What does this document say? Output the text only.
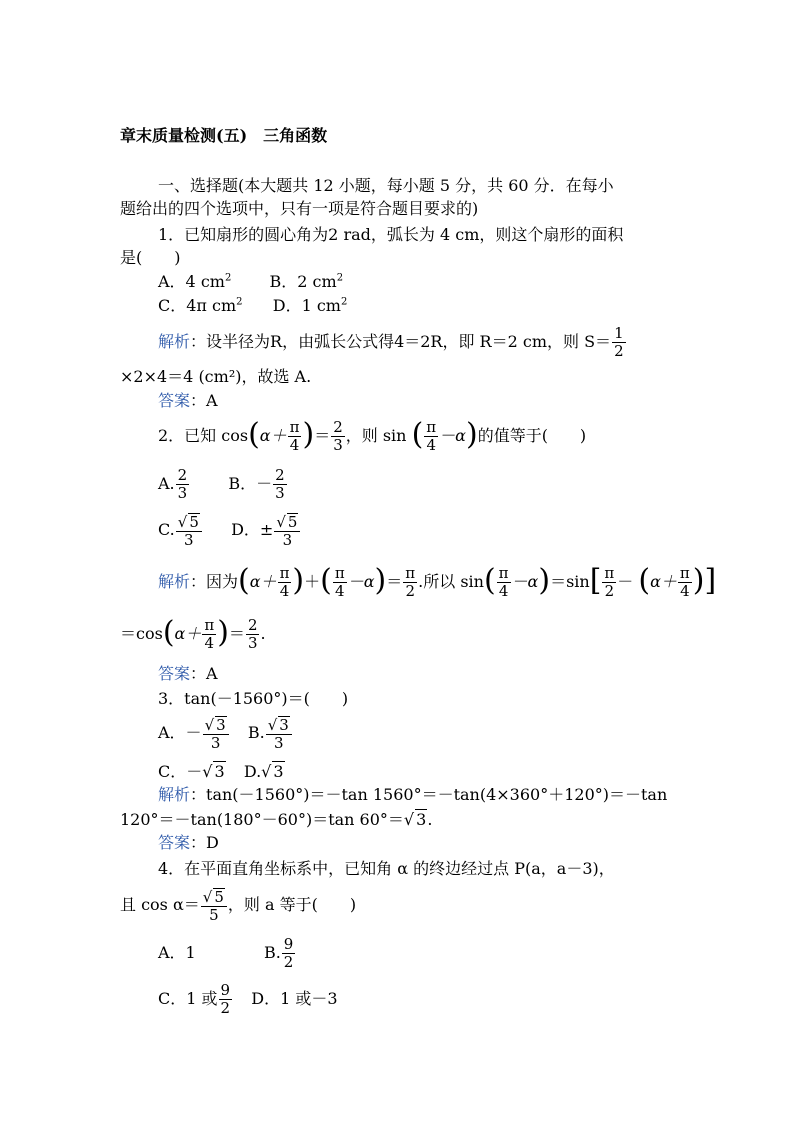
章末质量检测(五)　三角函数
一、选择题(本大题共 12 小题，每小题 5 分，共 60 分．在每小
题给出的四个选项中，只有一项是符合题目要求的)
1．已知扇形的圆心角为2 rad，弧长为 4 cm，则这个扇形的面积
是(　　)
A．4 $cm^2$ B．2 $cm^2$
C．4π $cm^2$ D．1 $cm^2$
解析：设半径为R，由弧长公式得4＝2R，即 R＝2 cm，则 $S= \frac{1}{2}$
×2×4＝4 (cm²)，故选 A.
答案：A
2．已知 $\cos(\alpha+ \frac{\pi}{4}$ )＝ $\frac{2}{3}$ ，则 sin ( $\frac{\pi}{4} -\alpha$)的值等于(　　)
A. $\frac{2}{3}$ B．－ $\frac{2}{3}$
C. $\frac{√ 5}{3}$ D．± $\frac{√ 5}{3}$
解析：因为($\alpha+ \frac{\pi}{4}$ )＋( $\frac{\pi}{4} -\alpha)= \frac{\pi}{2}$ .所以 $\sin( \frac{\pi}{4} -\alpha)=\sin[ \frac{\pi}{2} - (\alpha+ \frac{\pi}{4}$ )]
$=\cos(\alpha+ \frac{\pi}{4}$ )＝ $\frac{2}{3}$ .
答案：A
3．tan(－1560°)＝(　　)
A．－ $\frac{√ 3}{3} B$. $\frac{√ 3}{3}$
C．－√ 3 D.√ 3
解析：tan(－1560°)＝－tan 1560°＝－tan(4×360°＋120°)＝－tan
120°＝－tan(180°－60°)＝tan 60°＝√ 3.
答案：D
4．在平面直角坐标系中，已知角 α 的终边经过点 P(a，a－3)，
且 $\cos \alpha= \frac{√ 5}{5}$ ，则 a 等于(　　)
A．1	B. $\frac{9}{2}$
C．1 或 $\frac{9}{2}$ D．1 或－3
